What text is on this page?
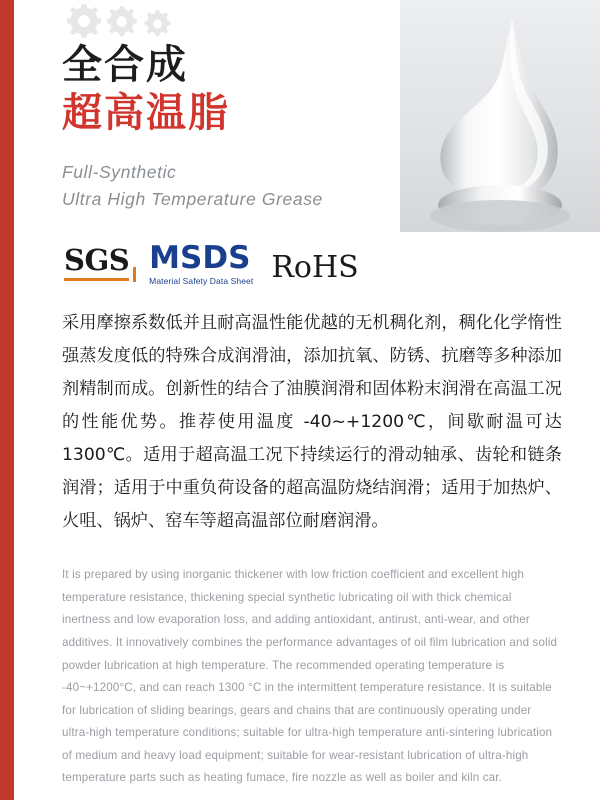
全合成
超高温脂
Full-Synthetic
Ultra High Temperature Grease
SGS MSDS
Material Safety Data Sheet RoHS
采用摩擦系数低并且耐高温性能优越的无机稠化剂，稠化化学惰性强蒸发度低的特殊合成润滑油，添加抗氧、防锈、抗磨等多种添加剂精制而成。创新性的结合了油膜润滑和固体粉末润滑在高温工况的性能优势。推荐使用温度 -40~+1200℃，间歇耐温可达 1300℃。适用于超高温工况下持续运行的滑动轴承、齿轮和链条润滑；适用于中重负荷设备的超高温防烧结润滑；适用于加热炉、火咀、锅炉、窑车等超高温部位耐磨润滑。
It is prepared by using inorganic thickener with low friction coefficient and excellent high temperature resistance, thickening special synthetic lubricating oil with thick chemical inertness and low evaporation loss, and adding antioxidant, antirust, anti-wear, and other additives. It innovatively combines the performance advantages of oil film lubrication and solid powder lubrication at high temperature. The recommended operating temperature is -40~+1200°C, and can reach 1300 °C in the intermittent temperature resistance. It is suitable for lubrication of sliding bearings, gears and chains that are continuously operating under ultra-high temperature conditions; suitable for ultra-high temperature anti-sintering lubrication of medium and heavy load equipment; suitable for wear-resistant lubrication of ultra-high temperature parts such as heating fumace, fire nozzle as well as boiler and kiln car.
